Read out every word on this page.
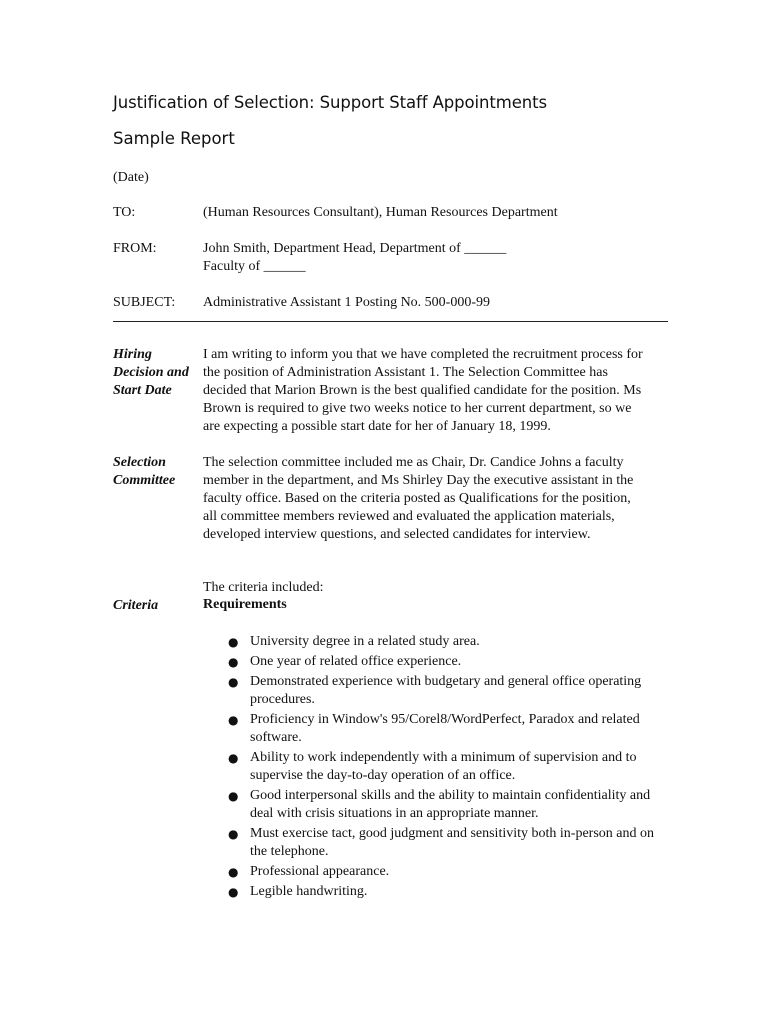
Justification of Selection: Support Staff Appointments
Sample Report
(Date)
TO:	(Human Resources Consultant), Human Resources Department
FROM:	John Smith, Department Head, Department of ______
Faculty of ______
SUBJECT: Administrative Assistant 1 Posting No. 500-000-99
Hiring Decision and Start Date
I am writing to inform you that we have completed the recruitment process for the position of Administration Assistant 1. The Selection Committee has decided that Marion Brown is the best qualified candidate for the position. Ms Brown is required to give two weeks notice to her current department, so we are expecting a possible start date for her of January 18, 1999.
Selection Committee
The selection committee included me as Chair, Dr. Candice Johns a faculty member in the department, and Ms Shirley Day the executive assistant in the faculty office. Based on the criteria posted as Qualifications for the position, all committee members reviewed and evaluated the application materials, developed interview questions, and selected candidates for interview.
The criteria included:
Criteria	Requirements
● University degree in a related study area.
● One year of related office experience.
● Demonstrated experience with budgetary and general office operating procedures.
● Proficiency in Window's 95/Corel8/WordPerfect, Paradox and related software.
● Ability to work independently with a minimum of supervision and to supervise the day-to-day operation of an office.
● Good interpersonal skills and the ability to maintain confidentiality and deal with crisis situations in an appropriate manner.
● Must exercise tact, good judgment and sensitivity both in-person and on the telephone.
● Professional appearance.
● Legible handwriting.
